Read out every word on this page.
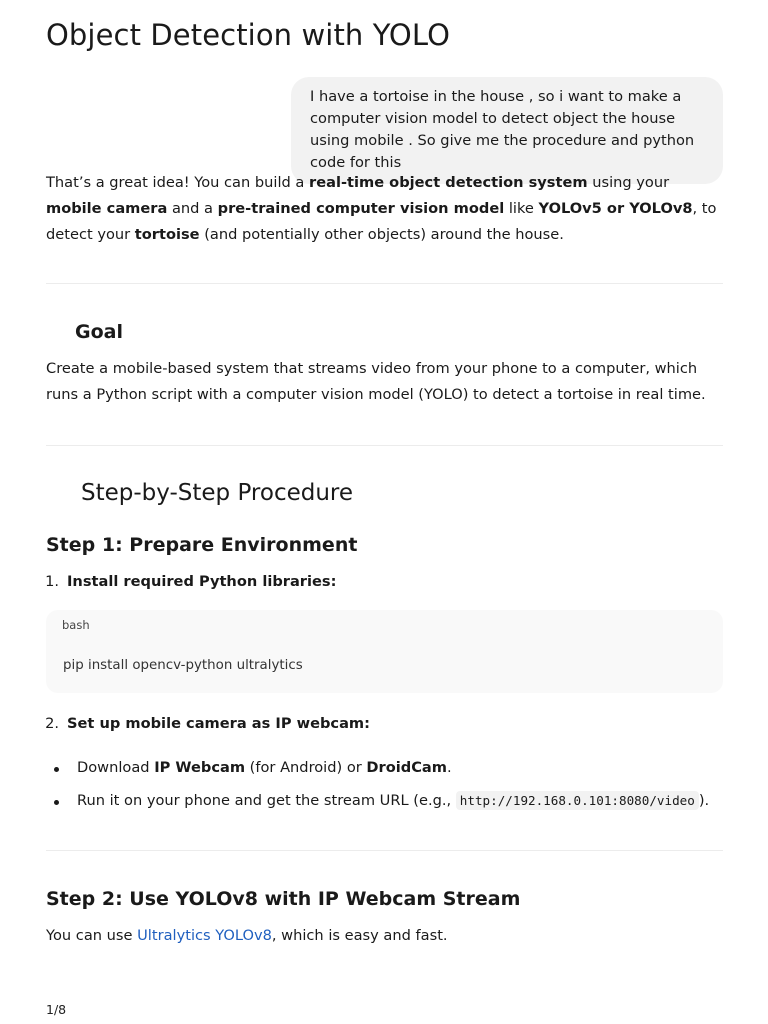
Object Detection with YOLO
I have a tortoise in the house , so i want to make a computer vision model to detect object the house using mobile . So give me the procedure and python code for this

That’s a great idea! You can build a real-time object detection system using your mobile camera and a pre-trained computer vision model like YOLOv5 or YOLOv8, to detect your tortoise (and potentially other objects) around the house.

Goal

Create a mobile-based system that streams video from your phone to a computer, which runs a Python script with a computer vision model (YOLO) to detect a tortoise in real time.

Step-by-Step Procedure
Step 1: Prepare Environment
1. Install required Python libraries:
bash
pip install opencv-python ultralytics
2. Set up mobile camera as IP webcam:
Download IP Webcam (for Android) or DroidCam.
Run it on your phone and get the stream URL (e.g., http://192.168.0.101:8080/video ).
Step 2: Use YOLOv8 with IP Webcam Stream

You can use Ultralytics YOLOv8, which is easy and fast.

1/8
